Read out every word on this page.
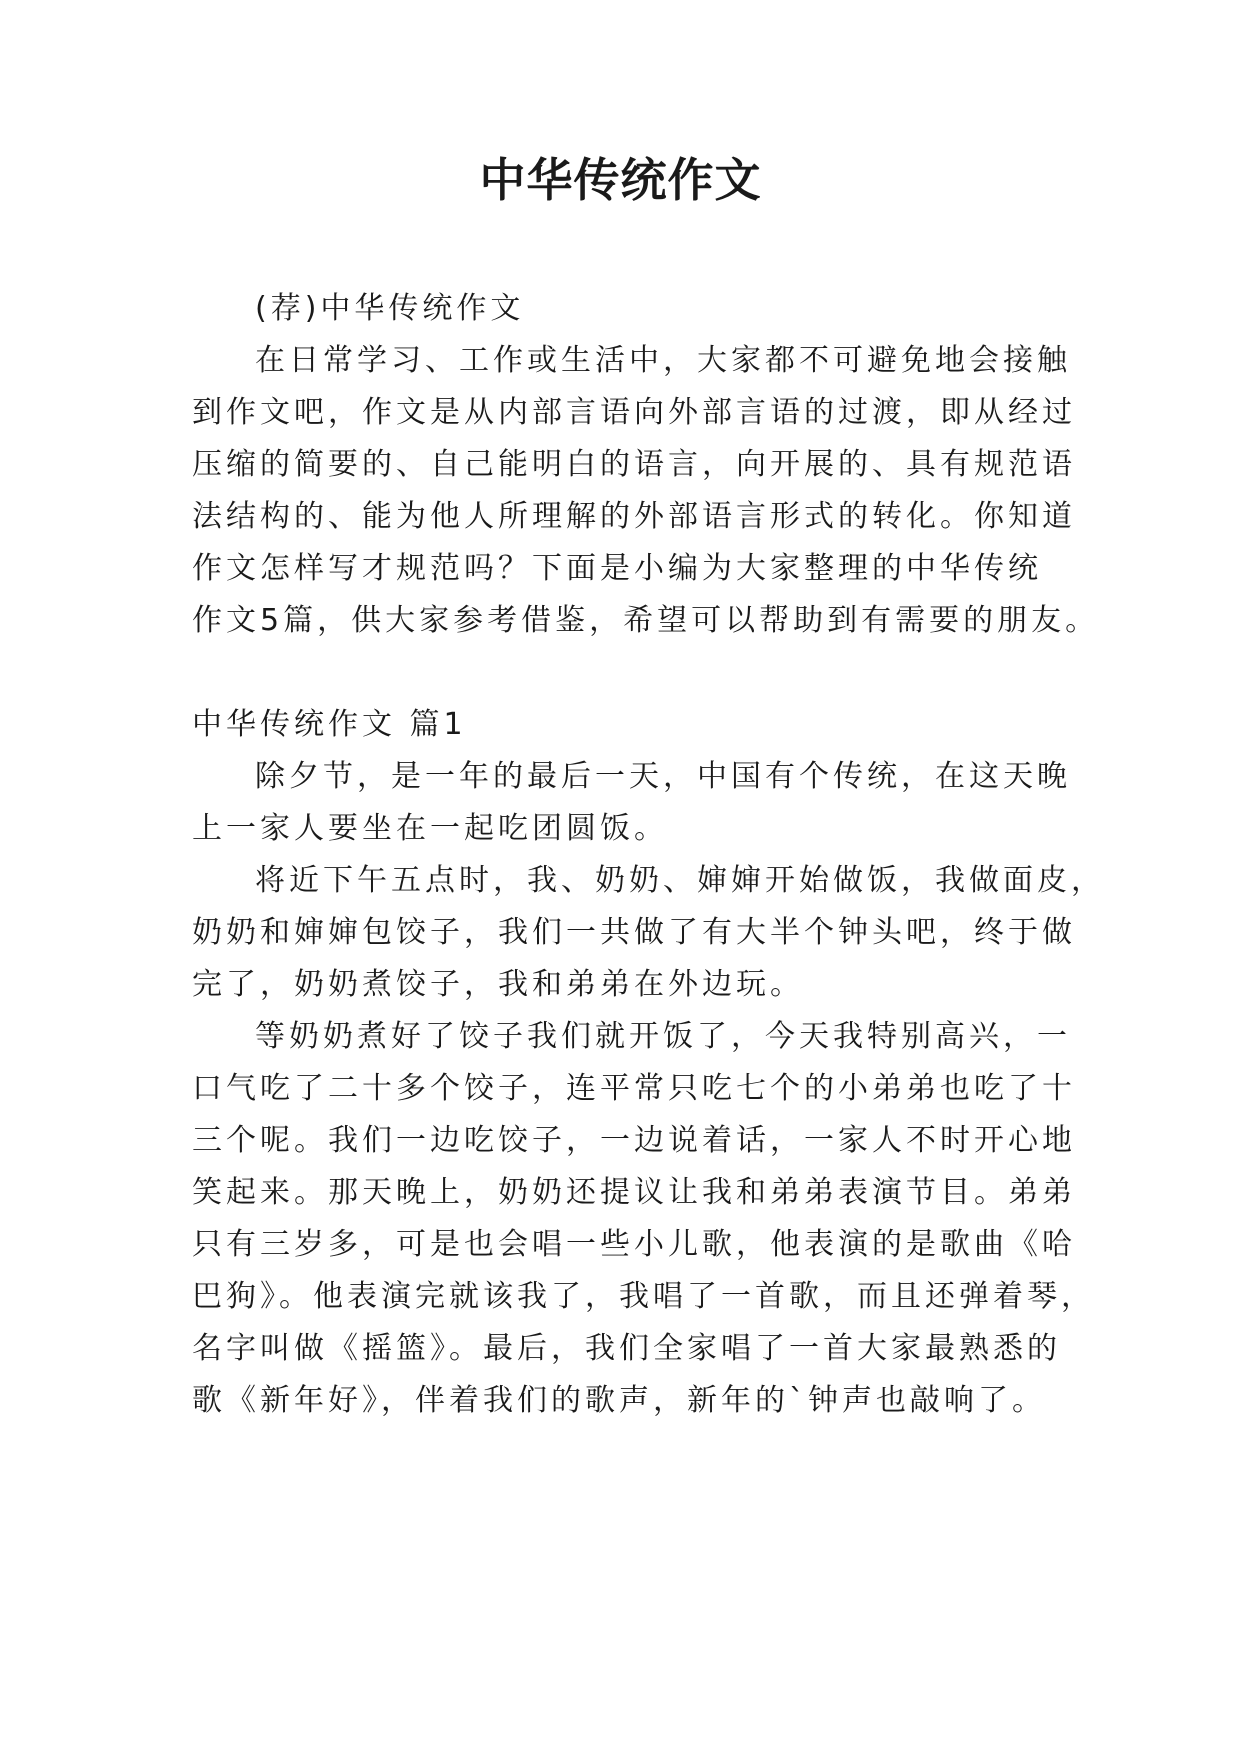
中华传统作文
(荐)中华传统作文
在日常学习、工作或生活中，大家都不可避免地会接触
到作文吧，作文是从内部言语向外部言语的过渡，即从经过
压缩的简要的、自己能明白的语言，向开展的、具有规范语
法结构的、能为他人所理解的外部语言形式的转化。你知道
作文怎样写才规范吗？下面是小编为大家整理的中华传统
作文5篇，供大家参考借鉴，希望可以帮助到有需要的朋友。
中华传统作文 篇1
除夕节，是一年的最后一天，中国有个传统，在这天晚
上一家人要坐在一起吃团圆饭。
将近下午五点时，我、奶奶、婶婶开始做饭，我做面皮，
奶奶和婶婶包饺子，我们一共做了有大半个钟头吧，终于做
完了，奶奶煮饺子，我和弟弟在外边玩。
等奶奶煮好了饺子我们就开饭了，今天我特别高兴，一
口气吃了二十多个饺子，连平常只吃七个的小弟弟也吃了十
三个呢。我们一边吃饺子，一边说着话，一家人不时开心地
笑起来。那天晚上，奶奶还提议让我和弟弟表演节目。弟弟
只有三岁多，可是也会唱一些小儿歌，他表演的是歌曲《哈
巴狗》。他表演完就该我了，我唱了一首歌，而且还弹着琴，
名字叫做《摇篮》。最后，我们全家唱了一首大家最熟悉的
歌《新年好》，伴着我们的歌声，新年的`钟声也敲响了。
